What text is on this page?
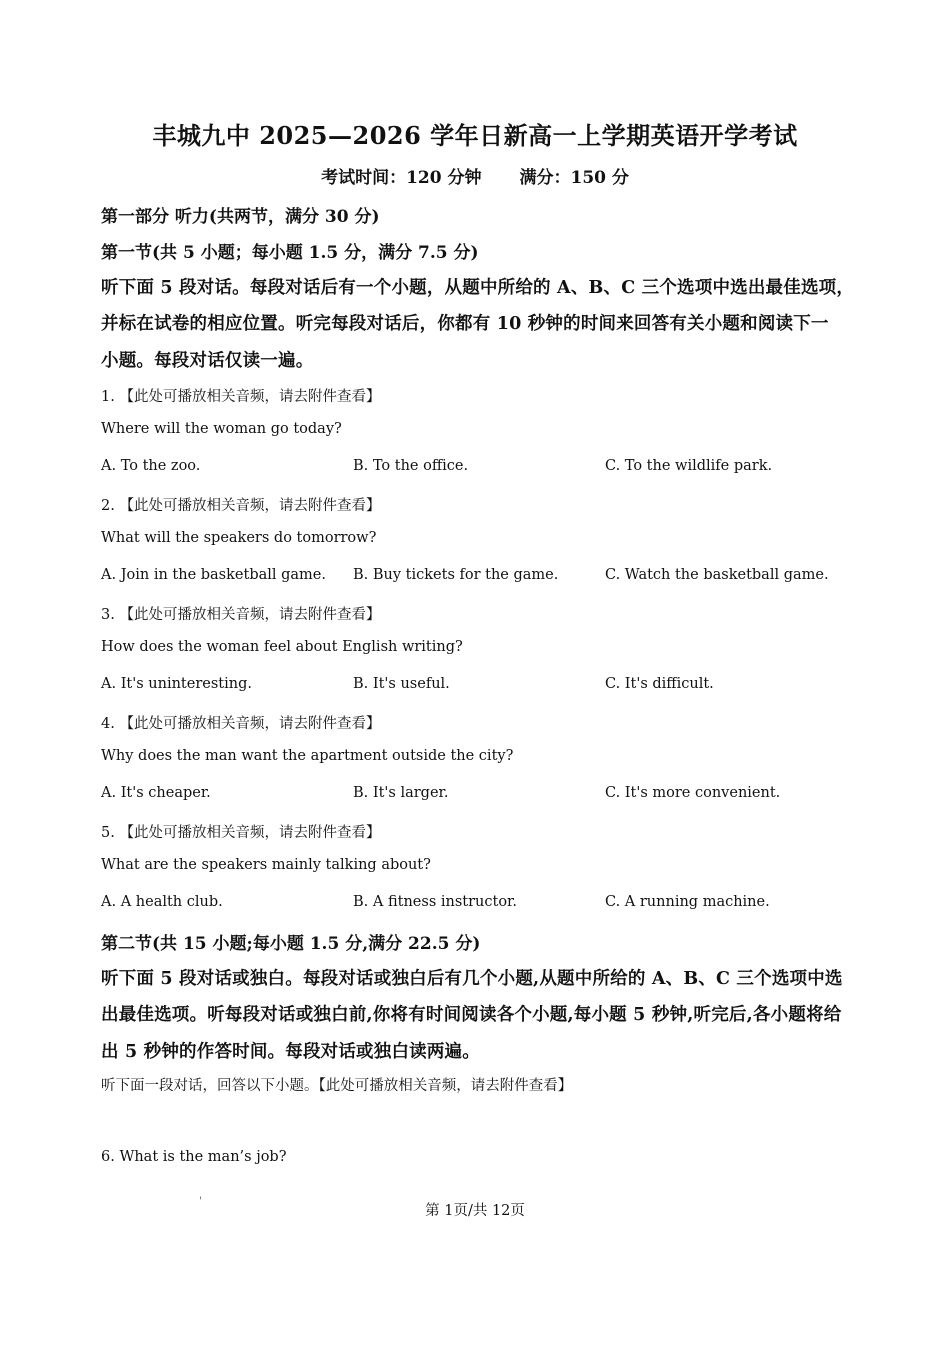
丰城九中 2025—2026 学年日新高一上学期英语开学考试
考试时间：120 分钟 满分：150 分
第一部分 听力(共两节，满分 30 分)
第一节(共 5 小题；每小题 1.5 分，满分 7.5 分)
听下面 5 段对话。每段对话后有一个小题，从题中所给的 A、B、C 三个选项中选出最佳选项，
并标在试卷的相应位置。听完每段对话后，你都有 10 秒钟的时间来回答有关小题和阅读下一
小题。每段对话仅读一遍。
1. 【此处可播放相关音频，请去附件查看】
Where will the woman go today?
A. To the zoo.	B. To the office.	C. To the wildlife park.
2. 【此处可播放相关音频，请去附件查看】
What will the speakers do tomorrow?
A. Join in the basketball game. B. Buy tickets for the game.	C. Watch the basketball game.
3. 【此处可播放相关音频，请去附件查看】
How does the woman feel about English writing?
A. It's uninteresting.	B. It's useful.	C. It's difficult.
4. 【此处可播放相关音频，请去附件查看】
Why does the man want the apartment outside the city?
A. It's cheaper.	B. It's larger.	C. It's more convenient.
5. 【此处可播放相关音频，请去附件查看】
What are the speakers mainly talking about?
A. A health club.	B. A fitness instructor.	C. A running machine.
第二节(共 15 小题;每小题 1.5 分,满分 22.5 分)
听下面 5 段对话或独白。每段对话或独白后有几个小题,从题中所给的 A、B、C 三个选项中选
出最佳选项。听每段对话或独白前,你将有时间阅读各个小题,每小题 5 秒钟,听完后,各小题将给
出 5 秒钟的作答时间。每段对话或独白读两遍。
听下面一段对话，回答以下小题。【此处可播放相关音频，请去附件查看】
6. What is the man’s job?
'
第 1页/共 12页
